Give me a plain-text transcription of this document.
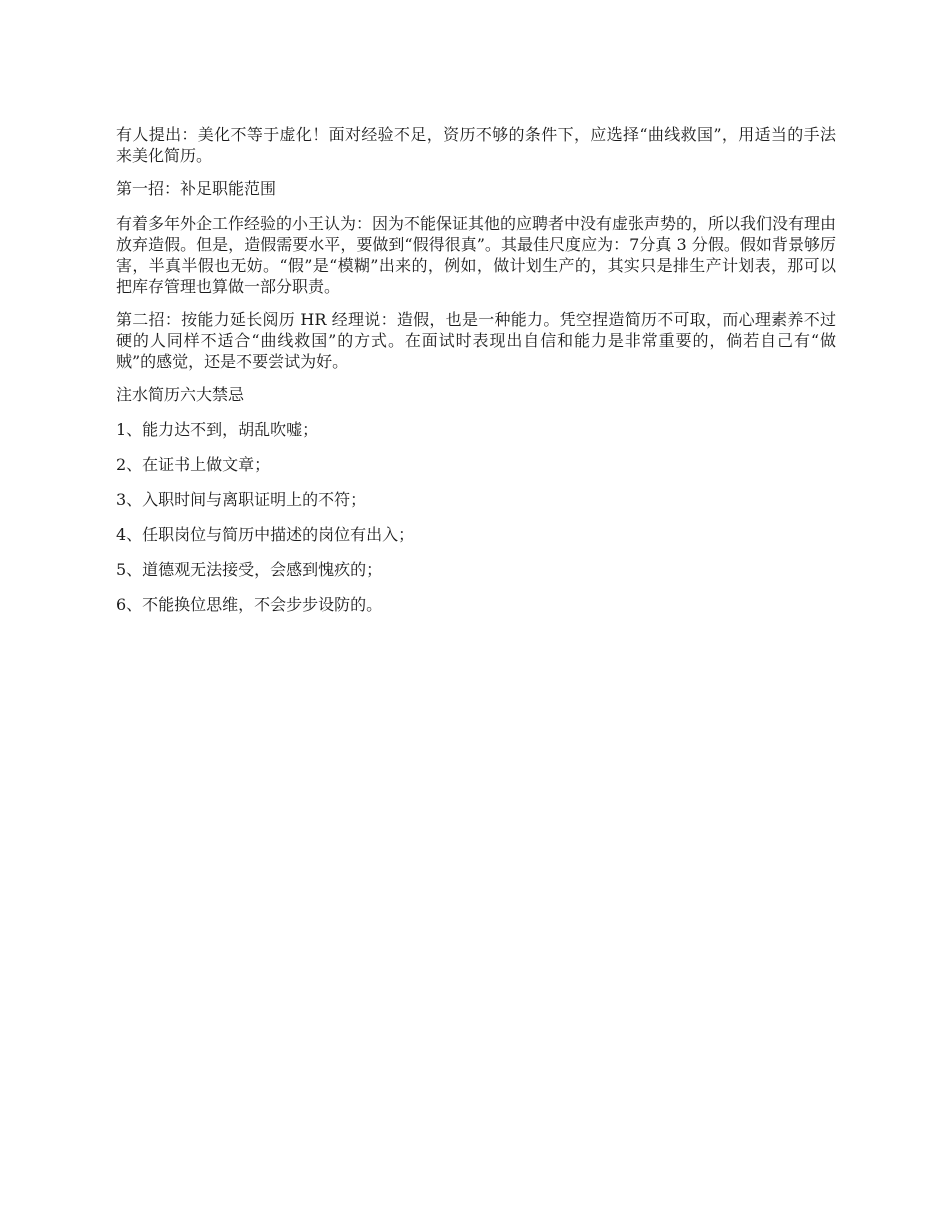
有人提出：美化不等于虚化！面对经验不足，资历不够的条件下，应选择“曲线救国”，用适当的手法来美化简历。

第一招：补足职能范围

有着多年外企工作经验的小王认为：因为不能保证其他的应聘者中没有虚张声势的，所以我们没有理由放弃造假。但是，造假需要水平，要做到“假得很真”。其最佳尺度应为：7分真 3 分假。假如背景够厉害，半真半假也无妨。“假”是“模糊”出来的，例如，做计划生产的，其实只是排生产计划表，那可以把库存管理也算做一部分职责。

第二招：按能力延长阅历 HR 经理说：造假，也是一种能力。凭空捏造简历不可取，而心理素养不过硬的人同样不适合“曲线救国”的方式。在面试时表现出自信和能力是非常重要的，倘若自己有“做贼”的感觉，还是不要尝试为好。

注水简历六大禁忌

1、能力达不到，胡乱吹嘘；

2、在证书上做文章；

3、入职时间与离职证明上的不符；

4、任职岗位与简历中描述的岗位有出入；

5、道德观无法接受，会感到愧疚的；

6、不能换位思维，不会步步设防的。
